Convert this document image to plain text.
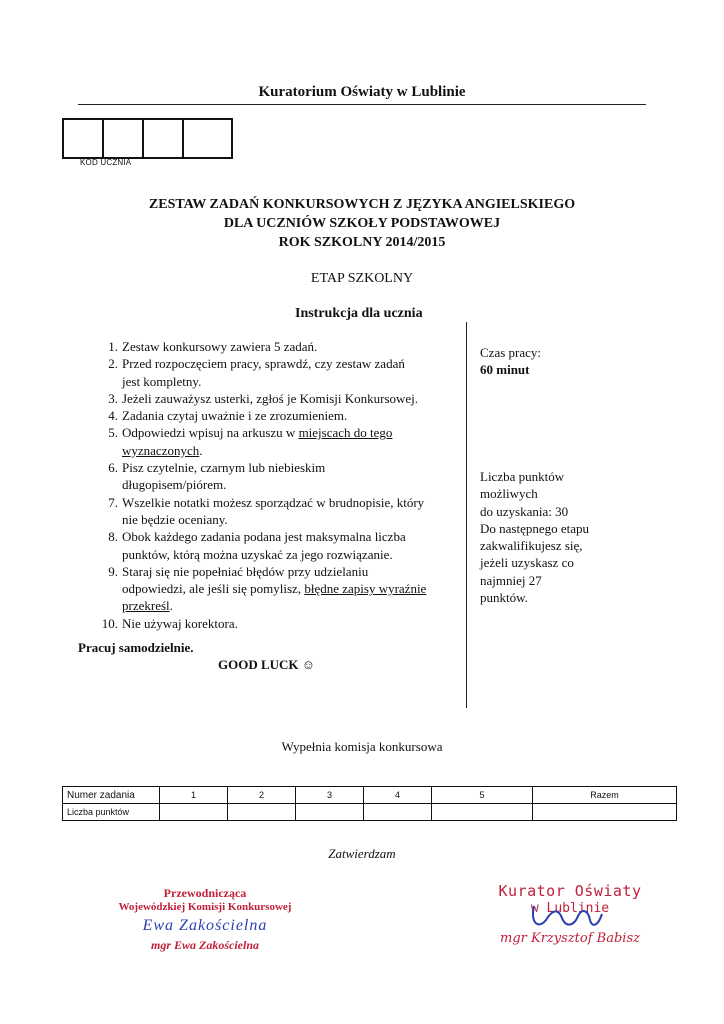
Kuratorium Oświaty w Lublinie
KOD UCZNIA
ZESTAW ZADAŃ KONKURSOWYCH Z JĘZYKA ANGIELSKIEGO
DLA UCZNIÓW SZKOŁY PODSTAWOWEJ
ROK SZKOLNY 2014/2015
ETAP SZKOLNY
Instrukcja dla ucznia
1. Zestaw konkursowy zawiera 5 zadań.
2. Przed rozpoczęciem pracy, sprawdź, czy zestaw zadań
jest kompletny.
3. Jeżeli zauważysz usterki, zgłoś je Komisji Konkursowej.
4. Zadania czytaj uważnie i ze zrozumieniem.
5. Odpowiedzi wpisuj na arkuszu w miejscach do tego
wyznaczonych.
6. Pisz czytelnie, czarnym lub niebieskim
długopisem/piórem.
7. Wszelkie notatki możesz sporządzać w brudnopisie, który
nie będzie oceniany.
8. Obok każdego zadania podana jest maksymalna liczba
punktów, którą można uzyskać za jego rozwiązanie.
9. Staraj się nie popełniać błędów przy udzielaniu
odpowiedzi, ale jeśli się pomylisz, błędne zapisy wyraźnie
przekreśl.
10. Nie używaj korektora.
Pracuj samodzielnie.
GOOD LUCK ☺
Czas pracy:
60 minut
Liczba punktów
możliwych
do uzyskania: 30
Do następnego etapu
zakwalifikujesz się,
jeżeli uzyskasz co
najmniej 27
punktów.
Wypełnia komisja konkursowa
Numer zadania	1	2	3	4	5	Razem
Liczba punktów						
Zatwierdzam
Przewodnicząca
Wojewódzkiej Komisji Konkursowej
Ewa Zakościelna
mgr Ewa Zakościelna
Kurator Oświaty
w Lublinie
mgr Krzysztof Babisz
